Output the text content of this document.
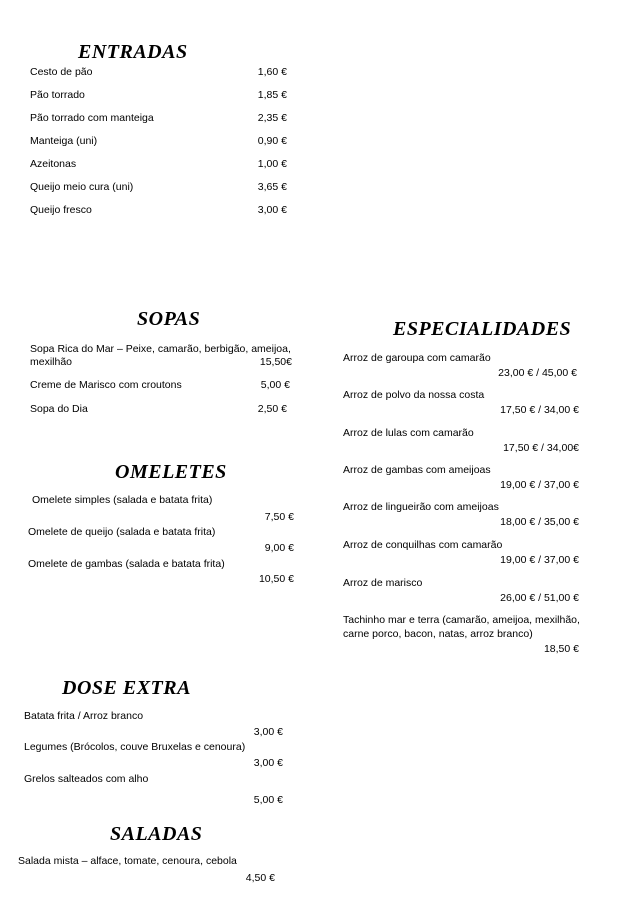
ENTRADAS
Cesto de pão	1,60 €
Pão torrado	1,85 €
Pão torrado com manteiga	2,35 €
Manteiga (uni)	0,90 €
Azeitonas	1,00 €
Queijo meio cura (uni)	3,65 €
Queijo fresco	3,00 €
SOPAS
Sopa Rica do Mar – Peixe, camarão, berbigão, ameijoa,
mexilhão	15,50€
Creme de Marisco com croutons	5,00 €
Sopa do Dia	2,50 €
OMELETES
Omelete simples (salada e batata frita)
7,50 €
Omelete de queijo (salada e batata frita)
9,00 €
Omelete de gambas (salada e batata frita)
10,50 €
DOSE EXTRA
Batata frita / Arroz branco
3,00 €
Legumes (Brócolos, couve Bruxelas e cenoura)
3,00 €
Grelos salteados com alho
5,00 €
SALADAS
Salada mista – alface, tomate, cenoura, cebola
4,50 €
ESPECIALIDADES
Arroz de garoupa com camarão
23,00 € / 45,00 €
Arroz de polvo da nossa costa
17,50 € / 34,00 €
Arroz de lulas com camarão
17,50 € / 34,00€
Arroz de gambas com ameijoas
19,00 € / 37,00 €
Arroz de lingueirão com ameijoas
18,00 € / 35,00 €
Arroz de conquilhas com camarão
19,00 € / 37,00 €
Arroz de marisco
26,00 € / 51,00 €
Tachinho mar e terra (camarão, ameijoa, mexilhão,
carne porco, bacon, natas, arroz branco)
18,50 €
